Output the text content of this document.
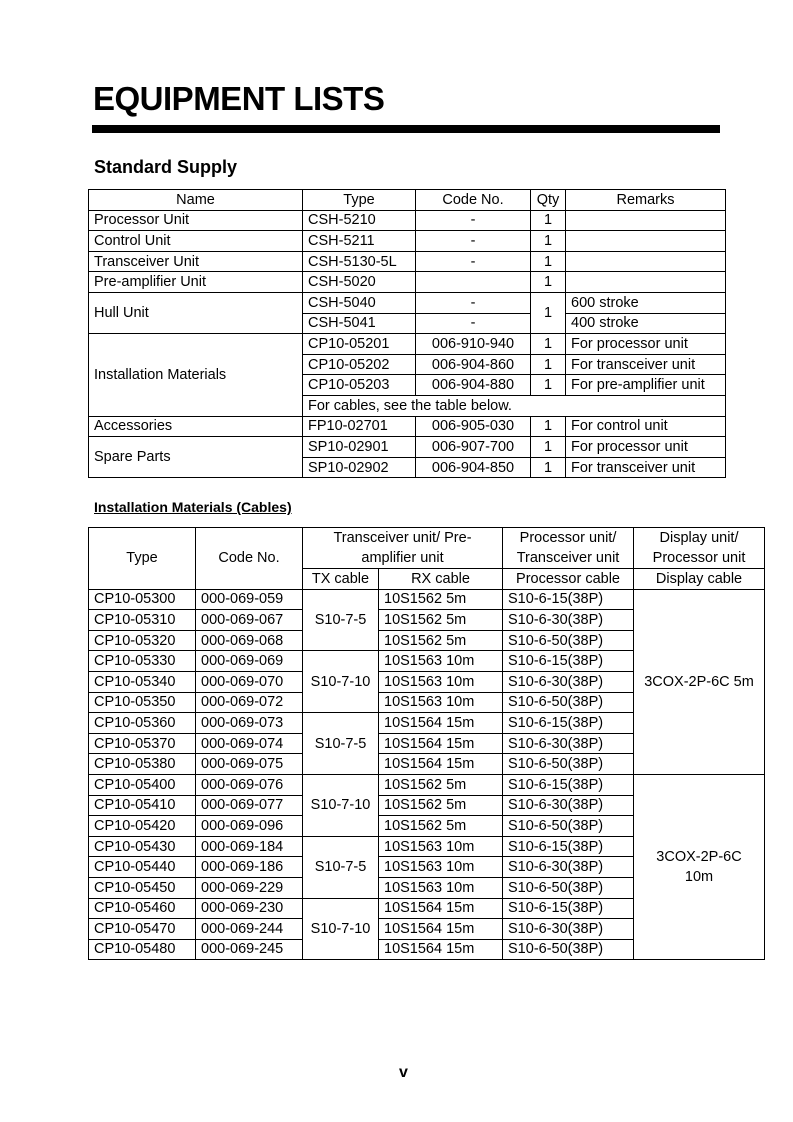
EQUIPMENT LISTS
Standard Supply
Name	Type	Code No.	Qty	Remarks
Processor Unit	CSH-5210	-	1	
Control Unit	CSH-5211	-	1	
Transceiver Unit	CSH-5130-5L	-	1	
Pre-amplifier Unit	CSH-5020		1	
Hull Unit	CSH-5040	-	1	600 stroke
	CSH-5041	-		400 stroke
Installation Materials	CP10-05201	006-910-940	1	For processor unit
	CP10-05202	006-904-860	1	For transceiver unit
	CP10-05203	006-904-880	1	For pre-amplifier unit
	For cables, see the table below.			
Accessories	FP10-02701	006-905-030	1	For control unit
Spare Parts	SP10-02901	006-907-700	1	For processor unit
	SP10-02902	006-904-850	1	For transceiver unit
Installation Materials (Cables)
Type	Code No.	Transceiver unit/ Pre-amplifier unit		Processor unit/ Transceiver unit	Display unit/ Processor unit
		TX cable	RX cable	Processor cable	Display cable
CP10-05300	000-069-059	S10-7-5	10S1562 5m	S10-6-15(38P)	3COX-2P-6C 5m
CP10-05310	000-069-067		10S1562 5m	S10-6-30(38P)	
CP10-05320	000-069-068		10S1562 5m	S10-6-50(38P)	
CP10-05330	000-069-069	S10-7-10	10S1563 10m	S10-6-15(38P)	
CP10-05340	000-069-070		10S1563 10m	S10-6-30(38P)	
CP10-05350	000-069-072		10S1563 10m	S10-6-50(38P)	
CP10-05360	000-069-073	S10-7-5	10S1564 15m	S10-6-15(38P)	
CP10-05370	000-069-074		10S1564 15m	S10-6-30(38P)	
CP10-05380	000-069-075		10S1564 15m	S10-6-50(38P)	
CP10-05400	000-069-076	S10-7-10	10S1562 5m	S10-6-15(38P)	3COX-2P-6C 10m
CP10-05410	000-069-077		10S1562 5m	S10-6-30(38P)	
CP10-05420	000-069-096		10S1562 5m	S10-6-50(38P)	
CP10-05430	000-069-184	S10-7-5	10S1563 10m	S10-6-15(38P)	
CP10-05440	000-069-186		10S1563 10m	S10-6-30(38P)	
CP10-05450	000-069-229		10S1563 10m	S10-6-50(38P)	
CP10-05460	000-069-230	S10-7-10	10S1564 15m	S10-6-15(38P)	
CP10-05470	000-069-244		10S1564 15m	S10-6-30(38P)	
CP10-05480	000-069-245		10S1564 15m	S10-6-50(38P)	
v
